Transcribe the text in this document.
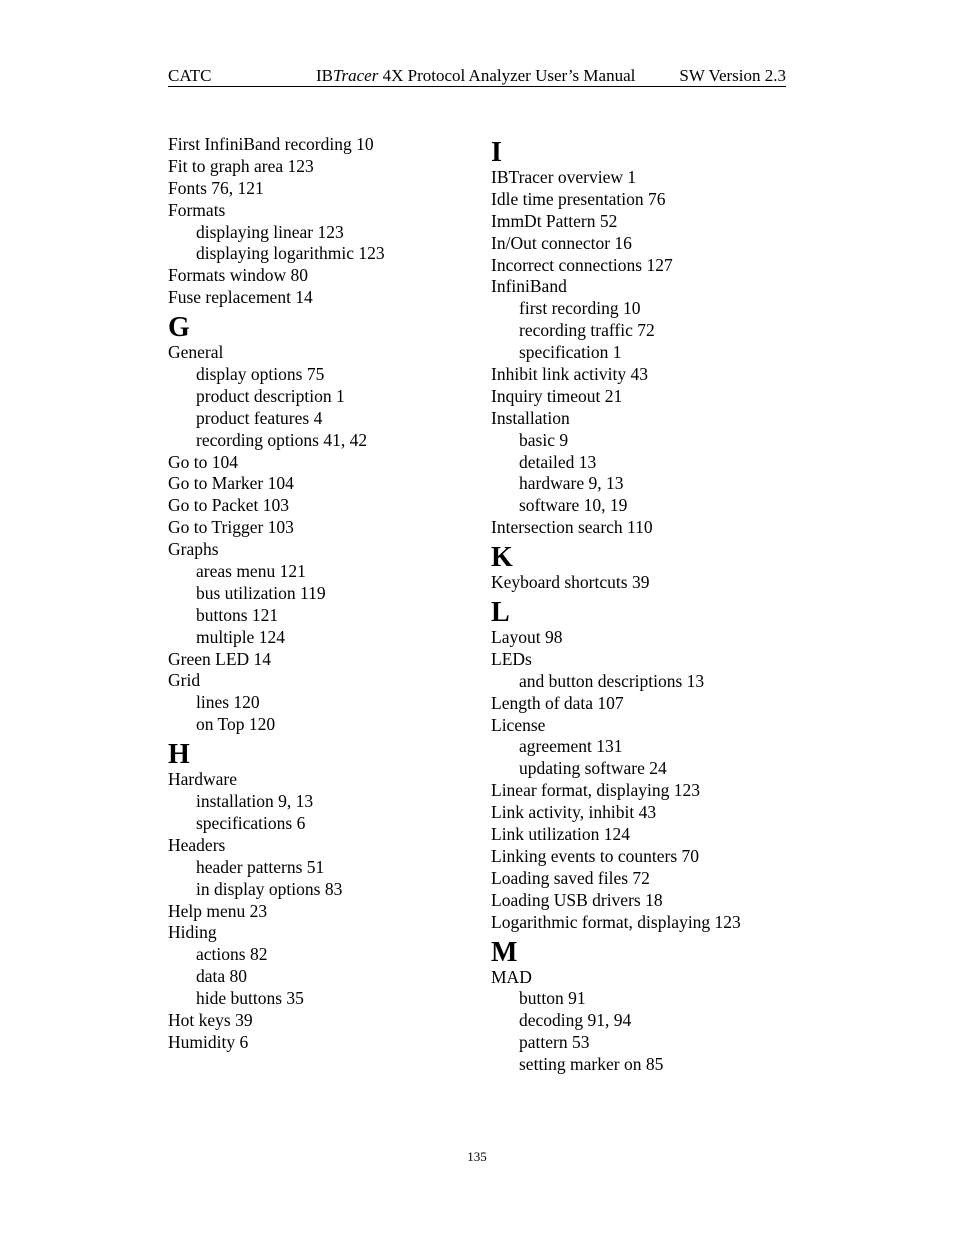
CATC	IBTracer 4X Protocol Analyzer User’s Manual	SW Version 2.3
First InfiniBand recording 10
Fit to graph area 123
Fonts 76, 121
Formats
displaying linear 123
displaying logarithmic 123
Formats window 80
Fuse replacement 14
G
General
display options 75
product description 1
product features 4
recording options 41, 42
Go to 104
Go to Marker 104
Go to Packet 103
Go to Trigger 103
Graphs
areas menu 121
bus utilization 119
buttons 121
multiple 124
Green LED 14
Grid
lines 120
on Top 120
H
Hardware
installation 9, 13
specifications 6
Headers
header patterns 51
in display options 83
Help menu 23
Hiding
actions 82
data 80
hide buttons 35
Hot keys 39
Humidity 6
I
IBTracer overview 1
Idle time presentation 76
ImmDt Pattern 52
In/Out connector 16
Incorrect connections 127
InfiniBand
first recording 10
recording traffic 72
specification 1
Inhibit link activity 43
Inquiry timeout 21
Installation
basic 9
detailed 13
hardware 9, 13
software 10, 19
Intersection search 110
K
Keyboard shortcuts 39
L
Layout 98
LEDs
and button descriptions 13
Length of data 107
License
agreement 131
updating software 24
Linear format, displaying 123
Link activity, inhibit 43
Link utilization 124
Linking events to counters 70
Loading saved files 72
Loading USB drivers 18
Logarithmic format, displaying 123
M
MAD
button 91
decoding 91, 94
pattern 53
setting marker on 85
135
